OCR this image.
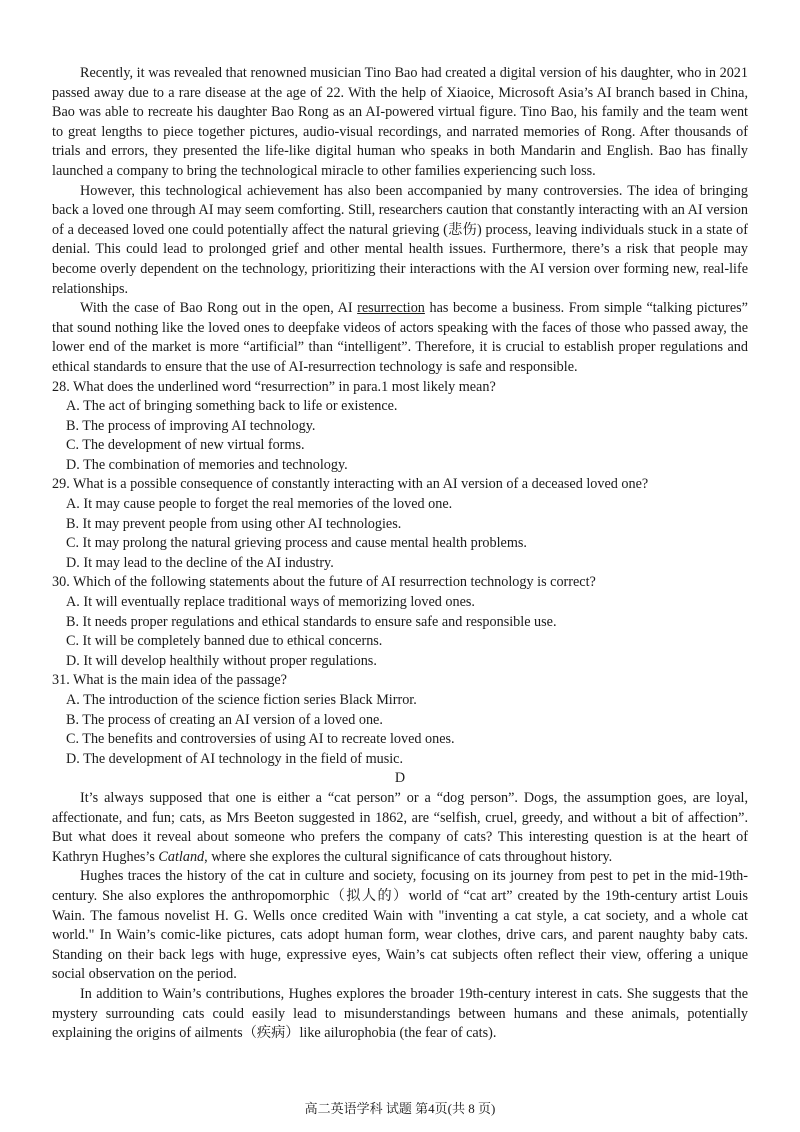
Recently, it was revealed that renowned musician Tino Bao had created a digital version of his daughter, who in 2021 passed away due to a rare disease at the age of 22. With the help of Xiaoice, Microsoft Asia’s AI branch based in China, Bao was able to recreate his daughter Bao Rong as an AI-powered virtual figure. Tino Bao, his family and the team went to great lengths to piece together pictures, audio-visual recordings, and narrated memories of Rong. After thousands of trials and errors, they presented the life-like digital human who speaks in both Mandarin and English. Bao has finally launched a company to bring the technological miracle to other families experiencing such loss.

However, this technological achievement has also been accompanied by many controversies. The idea of bringing back a loved one through AI may seem comforting. Still, researchers caution that constantly interacting with an AI version of a deceased loved one could potentially affect the natural grieving (悲伤) process, leaving individuals stuck in a state of denial. This could lead to prolonged grief and other mental health issues. Furthermore, there’s a risk that people may become overly dependent on the technology, prioritizing their interactions with the AI version over forming new, real-life relationships.

With the case of Bao Rong out in the open, AI resurrection has become a business. From simple “talking pictures” that sound nothing like the loved ones to deepfake videos of actors speaking with the faces of those who passed away, the lower end of the market is more “artificial” than “intelligent”. Therefore, it is crucial to establish proper regulations and ethical standards to ensure that the use of AI-resurrection technology is safe and responsible.

28. What does the underlined word “resurrection” in para.1 most likely mean?

A. The act of bringing something back to life or existence.

B. The process of improving AI technology.

C. The development of new virtual forms.

D. The combination of memories and technology.

29. What is a possible consequence of constantly interacting with an AI version of a deceased loved one?

A. It may cause people to forget the real memories of the loved one.

B. It may prevent people from using other AI technologies.

C. It may prolong the natural grieving process and cause mental health problems.

D. It may lead to the decline of the AI industry.

30. Which of the following statements about the future of AI resurrection technology is correct?

A. It will eventually replace traditional ways of memorizing loved ones.

B. It needs proper regulations and ethical standards to ensure safe and responsible use.

C. It will be completely banned due to ethical concerns.

D. It will develop healthily without proper regulations.

31. What is the main idea of the passage?

A. The introduction of the science fiction series Black Mirror.

B. The process of creating an AI version of a loved one.

C. The benefits and controversies of using AI to recreate loved ones.

D. The development of AI technology in the field of music.

D

It’s always supposed that one is either a “cat person” or a “dog person”. Dogs, the assumption goes, are loyal, affectionate, and fun; cats, as Mrs Beeton suggested in 1862, are “selfish, cruel, greedy, and without a bit of affection”. But what does it reveal about someone who prefers the company of cats? This interesting question is at the heart of Kathryn Hughes’s Catland, where she explores the cultural significance of cats throughout history.

Hughes traces the history of the cat in culture and society, focusing on its journey from pest to pet in the mid-19th-century. She also explores the anthropomorphic（拟人的）world of “cat art” created by the 19th-century artist Louis Wain. The famous novelist H. G. Wells once credited Wain with "inventing a cat style, a cat society, and a whole cat world." In Wain’s comic-like pictures, cats adopt human form, wear clothes, drive cars, and parent naughty baby cats. Standing on their back legs with huge, expressive eyes, Wain’s cat subjects often reflect their view, offering a unique social observation on the period.

In addition to Wain’s contributions, Hughes explores the broader 19th-century interest in cats. She suggests that the mystery surrounding cats could easily lead to misunderstandings between humans and these animals, potentially explaining the origins of ailments（疾病）like ailurophobia (the fear of cats).

高二英语学科 试题 第4页(共 8 页)
